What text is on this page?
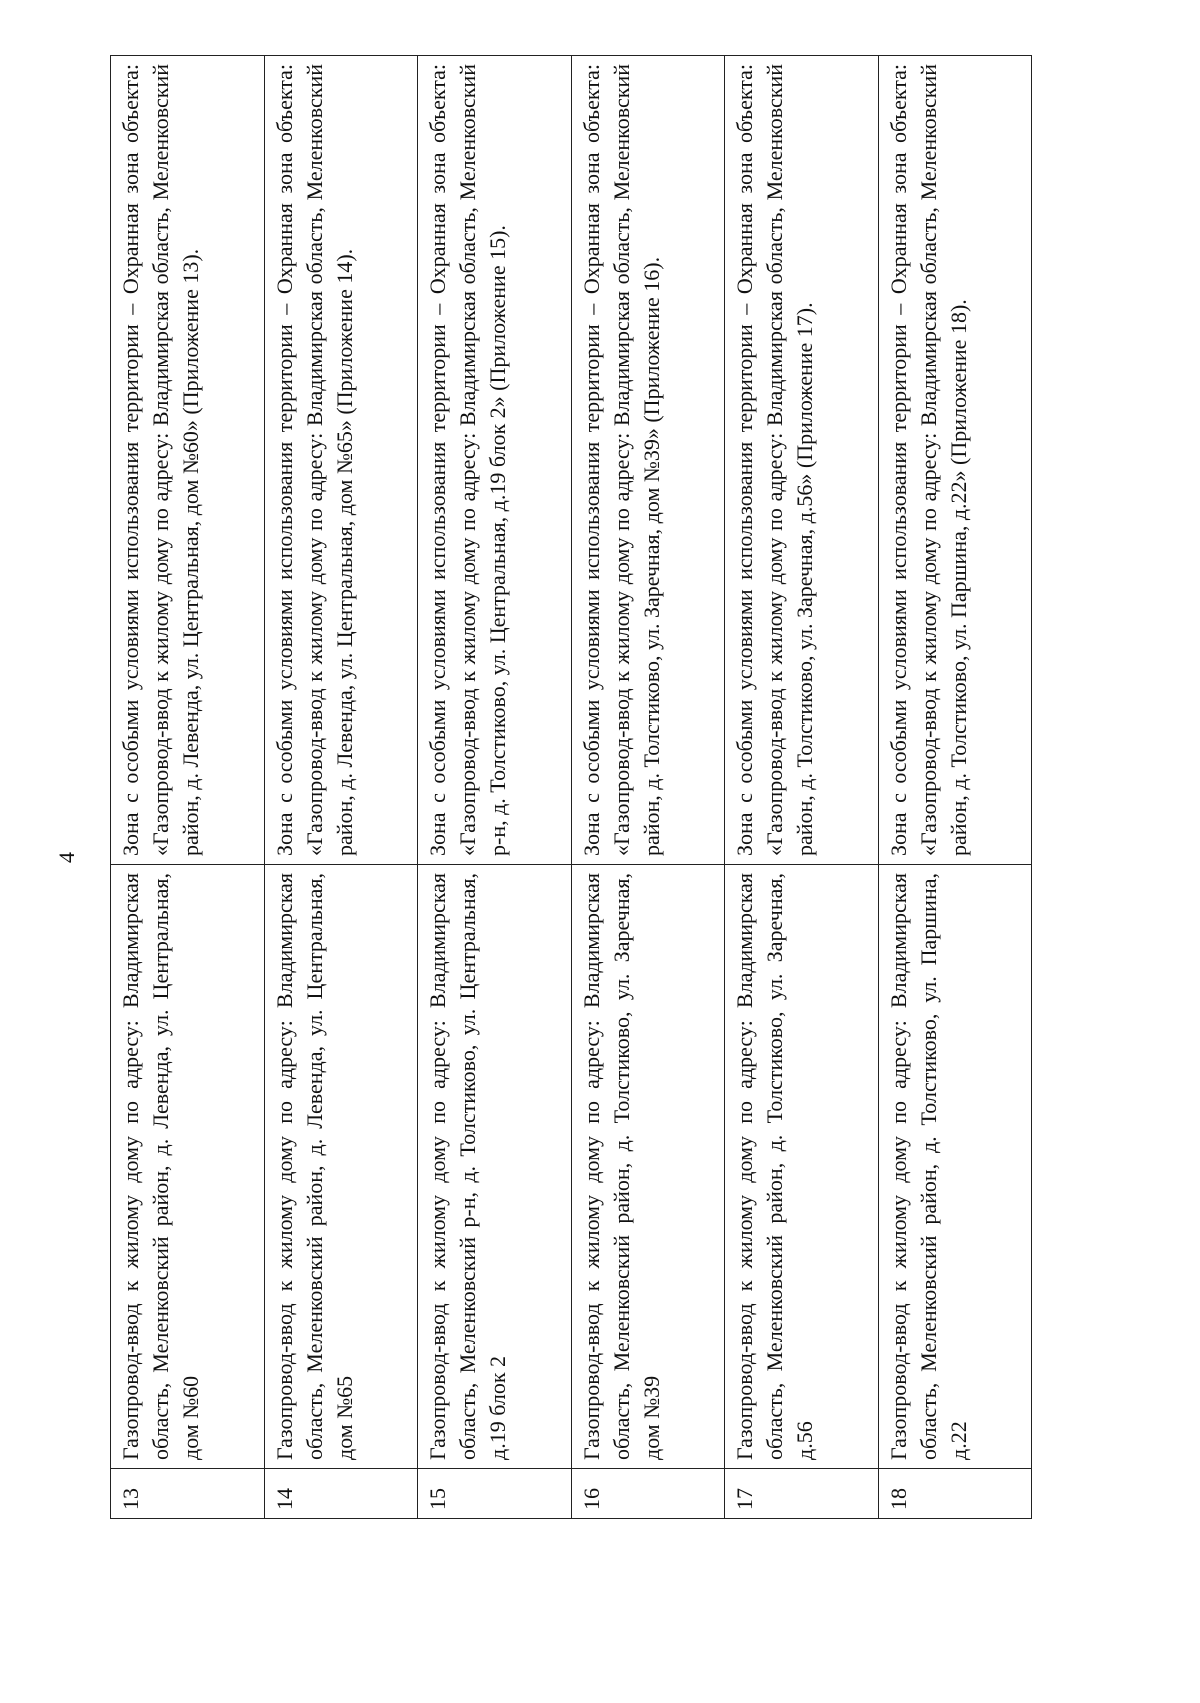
4
13	Газопровод-ввод к жилому дому по адресу: Владимирская область, Меленковский район, д. Левенда, ул. Центральная, дом №60	Зона с особыми условиями использования территории – Охранная зона объекта: «Газопровод-ввод к жилому дому по адресу: Владимирская область, Меленковский район, д. Левенда, ул. Центральная, дом №60» (Приложение 13).
14	Газопровод-ввод к жилому дому по адресу: Владимирская область, Меленковский район, д. Левенда, ул. Центральная, дом №65	Зона с особыми условиями использования территории – Охранная зона объекта: «Газопровод-ввод к жилому дому по адресу: Владимирская область, Меленковский район, д. Левенда, ул. Центральная, дом №65» (Приложение 14).
15	Газопровод-ввод к жилому дому по адресу: Владимирская область, Меленковский р-н, д. Толстиково, ул. Центральная, д.19 блок 2	Зона с особыми условиями использования территории – Охранная зона объекта: «Газопровод-ввод к жилому дому по адресу: Владимирская область, Меленковский р-н, д. Толстиково, ул. Центральная, д.19 блок 2» (Приложение 15).
16	Газопровод-ввод к жилому дому по адресу: Владимирская область, Меленковский район, д. Толстиково, ул. Заречная, дом №39	Зона с особыми условиями использования территории – Охранная зона объекта: «Газопровод-ввод к жилому дому по адресу: Владимирская область, Меленковский район, д. Толстиково, ул. Заречная, дом №39» (Приложение 16).
17	Газопровод-ввод к жилому дому по адресу: Владимирская область, Меленковский район, д. Толстиково, ул. Заречная, д.56	Зона с особыми условиями использования территории – Охранная зона объекта: «Газопровод-ввод к жилому дому по адресу: Владимирская область, Меленковский район, д. Толстиково, ул. Заречная, д.56» (Приложение 17).
18	Газопровод-ввод к жилому дому по адресу: Владимирская область, Меленковский район, д. Толстиково, ул. Паршина, д.22	Зона с особыми условиями использования территории – Охранная зона объекта: «Газопровод-ввод к жилому дому по адресу: Владимирская область, Меленковский район, д. Толстиково, ул. Паршина, д.22» (Приложение 18).
